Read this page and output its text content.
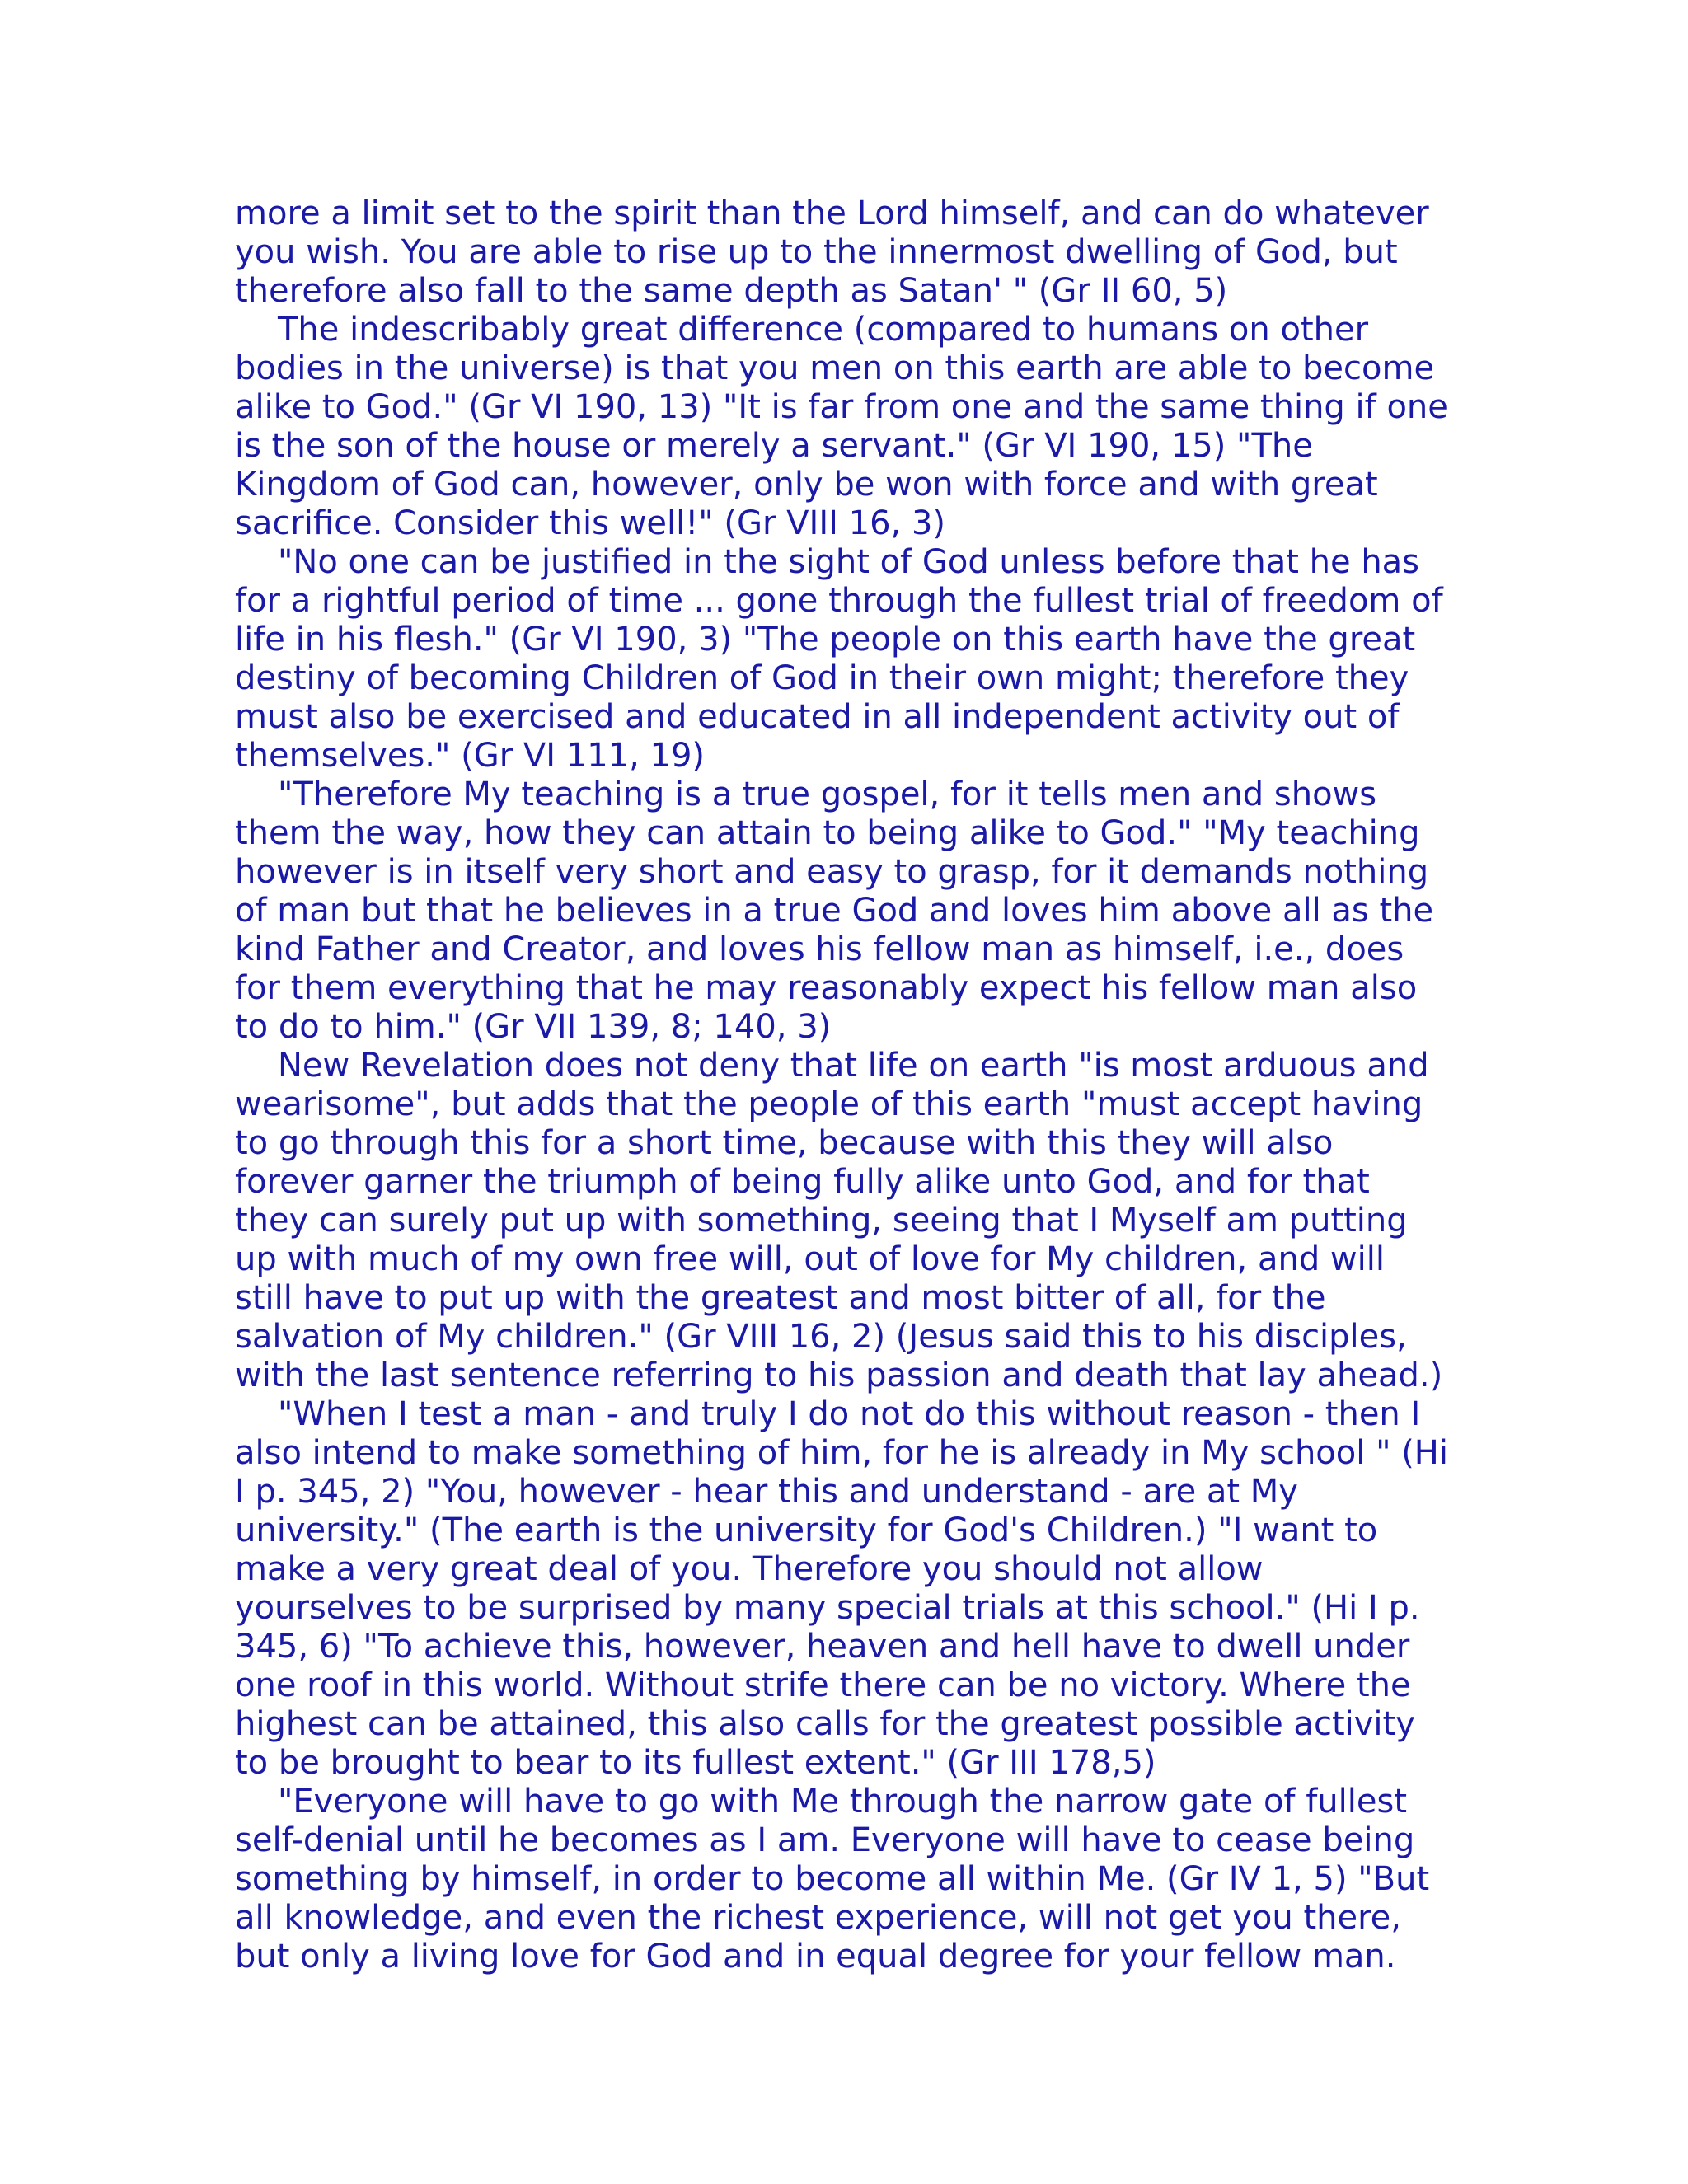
more a limit set to the spirit than the Lord himself, and can do whatever
you wish. You are able to rise up to the innermost dwelling of God, but
therefore also fall to the same depth as Satan' " (Gr II 60, 5)
The indescribably great difference (compared to humans on other
bodies in the universe) is that you men on this earth are able to become
alike to God." (Gr VI 190, 13) "It is far from one and the same thing if one
is the son of the house or merely a servant." (Gr VI 190, 15) "The
Kingdom of God can, however, only be won with force and with great
sacrifice. Consider this well!" (Gr VIII 16, 3)
"No one can be justified in the sight of God unless before that he has
for a rightful period of time ... gone through the fullest trial of freedom of
life in his flesh." (Gr VI 190, 3) "The people on this earth have the great
destiny of becoming Children of God in their own might; therefore they
must also be exercised and educated in all independent activity out of
themselves." (Gr VI 111, 19)
"Therefore My teaching is a true gospel, for it tells men and shows
them the way, how they can attain to being alike to God." "My teaching
however is in itself very short and easy to grasp, for it demands nothing
of man but that he believes in a true God and loves him above all as the
kind Father and Creator, and loves his fellow man as himself, i.e., does
for them everything that he may reasonably expect his fellow man also
to do to him." (Gr VII 139, 8; 140, 3)
New Revelation does not deny that life on earth "is most arduous and
wearisome", but adds that the people of this earth "must accept having
to go through this for a short time, because with this they will also
forever garner the triumph of being fully alike unto God, and for that
they can surely put up with something, seeing that I Myself am putting
up with much of my own free will, out of love for My children, and will
still have to put up with the greatest and most bitter of all, for the
salvation of My children." (Gr VIII 16, 2) (Jesus said this to his disciples,
with the last sentence referring to his passion and death that lay ahead.)
"When I test a man - and truly I do not do this without reason - then I
also intend to make something of him, for he is already in My school " (Hi
I p. 345, 2) "You, however - hear this and understand - are at My
university." (The earth is the university for God's Children.) "I want to
make a very great deal of you. Therefore you should not allow
yourselves to be surprised by many special trials at this school." (Hi I p.
345, 6) "To achieve this, however, heaven and hell have to dwell under
one roof in this world. Without strife there can be no victory. Where the
highest can be attained, this also calls for the greatest possible activity
to be brought to bear to its fullest extent." (Gr III 178,5)
"Everyone will have to go with Me through the narrow gate of fullest
self-denial until he becomes as I am. Everyone will have to cease being
something by himself, in order to become all within Me. (Gr IV 1, 5) "But
all knowledge, and even the richest experience, will not get you there,
but only a living love for God and in equal degree for your fellow man.
